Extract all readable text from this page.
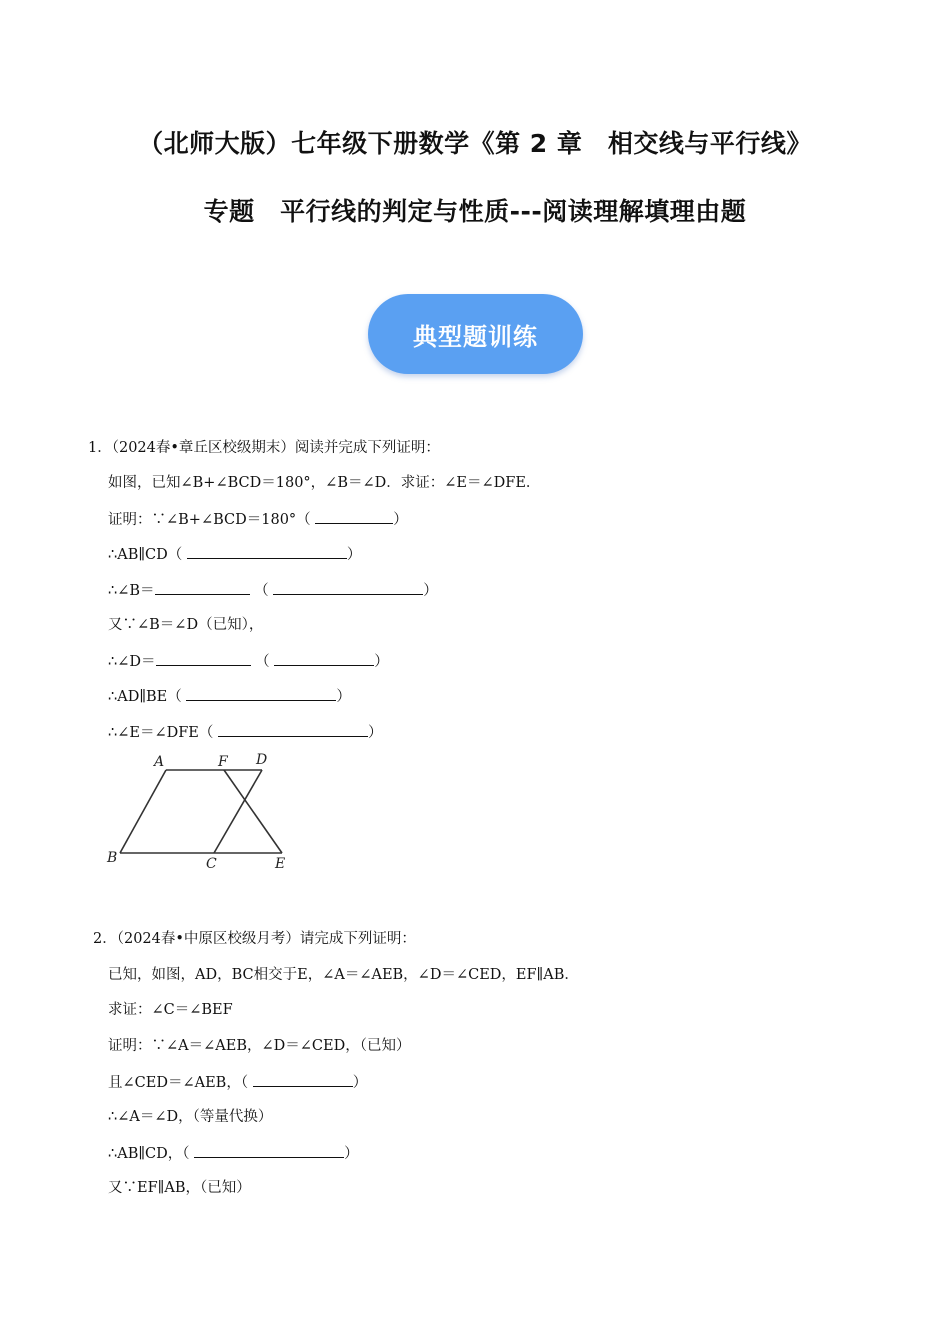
（北师大版）七年级下册数学《第 2 章　相交线与平行线》
专题　平行线的判定与性质---阅读理解填理由题
典型题训练
1．（2024春•章丘区校级期末）阅读并完成下列证明：
如图，已知∠B+∠BCD＝180°，∠B＝∠D．求证：∠E＝∠DFE．
证明：∵∠B+∠BCD＝180°（	）
∴AB∥CD（	）
∴∠B＝	（	）
又∵∠B＝∠D（已知），
∴∠D＝	（	）
∴AD∥BE（	）
∴∠E＝∠DFE（	）
A	F D
B	C	E
2．（2024春•中原区校级月考）请完成下列证明：
已知，如图，AD，BC相交于E，∠A＝∠AEB，∠D＝∠CED，EF∥AB．
求证：∠C＝∠BEF
证明：∵∠A＝∠AEB，∠D＝∠CED，（已知）
且∠CED＝∠AEB，（	）
∴∠A＝∠D，（等量代换）
∴AB∥CD，（	）
又∵EF∥AB，（已知）
